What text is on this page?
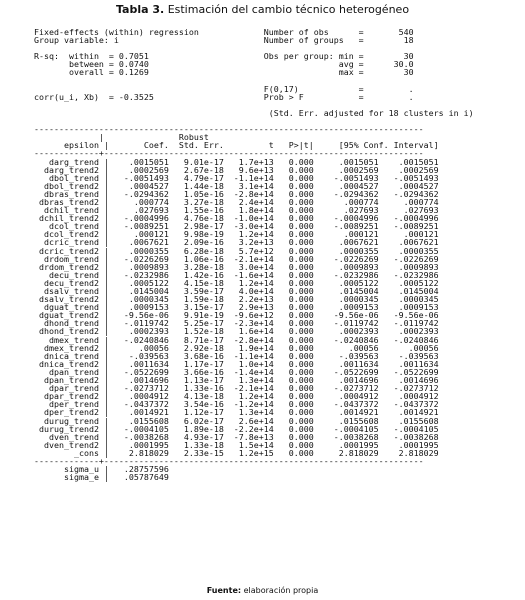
Tabla 3. Estimación del cambio técnico heterogéneo
Fixed-effects (within) regression             Number of obs      =       540
Group variable: i                             Number of groups   =        18

R-sq:  within  = 0.7051                       Obs per group: min =        30
between = 0.0740                                      avg =      30.0
overall = 0.1269                                      max =        30

F(0,17)            =         .
corr(u_i, Xb)  = -0.3525                      Prob > F           =         .

(Std. Err. adjusted for 18 clusters in i)

------------------------------------------------------------------------------
|               Robust
epsilon |       Coef.  Std. Err.         t   P>|t|     [95% Conf. Interval]
-------------+----------------------------------------------------------------
darg_trend |    .0015051   9.01e-17   1.7e+13   0.000     .0015051    .0015051
darg_trend2 |    .0002569   2.67e-18   9.6e+13   0.000     .0002569    .0002569
dbol_trend |   -.0051493   4.79e-17  -1.1e+14   0.000    -.0051493   -.0051493
dbol_trend2 |    .0004527   1.44e-18   3.1e+14   0.000     .0004527    .0004527
dbras_trend |   -.0294362   1.05e-16  -2.8e+14   0.000    -.0294362   -.0294362
dbras_trend2 |     .000774   3.27e-18   2.4e+14   0.000      .000774     .000774
dchil_trend |     .027693   1.55e-16   1.8e+14   0.000      .027693     .027693
dchil_trend2 |   -.0004996   4.76e-18  -1.0e+14   0.000    -.0004996   -.0004996
dcol_trend |   -.0089251   2.98e-17  -3.0e+14   0.000    -.0089251   -.0089251
dcol_trend2 |     .000121   9.98e-19   1.2e+14   0.000      .000121     .000121
dcric_trend |    .0067621   2.09e-16   3.2e+13   0.000     .0067621    .0067621
dcric_trend2 |    .0000355   6.28e-18   5.7e+12   0.000     .0000355    .0000355
drdom_trend |   -.0226269   1.06e-16  -2.1e+14   0.000    -.0226269   -.0226269
drdom_trend2 |    .0009893   3.28e-18   3.0e+14   0.000     .0009893    .0009893
decu_trend |   -.0232986   1.42e-16  -1.6e+14   0.000    -.0232986   -.0232986
decu_trend2 |    .0005122   4.15e-18   1.2e+14   0.000     .0005122    .0005122
dsalv_trend |    .0145004   3.59e-17   4.0e+14   0.000     .0145004    .0145004
dsalv_trend2 |    .0000345   1.59e-18   2.2e+13   0.000     .0000345    .0000345
dguat_trend |    .0009153   3.15e-17   2.9e+13   0.000     .0009153    .0009153
dguat_trend2 |   -9.56e-06   9.91e-19  -9.6e+12   0.000    -9.56e-06   -9.56e-06
dhond_trend |   -.0119742   5.25e-17  -2.3e+14   0.000    -.0119742   -.0119742
dhond_trend2 |    .0002393   1.52e-18   1.6e+14   0.000     .0002393    .0002393
dmex_trend |   -.0240846   8.71e-17  -2.8e+14   0.000    -.0240846   -.0240846
dmex_trend2 |      .00056   2.92e-18   1.9e+14   0.000       .00056      .00056
dnica_trend |    -.039563   3.68e-16  -1.1e+14   0.000     -.039563    -.039563
dnica_trend2 |    .0011634   1.17e-17   1.0e+14   0.000     .0011634    .0011634
dpan_trend |   -.0522699   3.66e-16  -1.4e+14   0.000    -.0522699   -.0522699
dpan_trend2 |    .0014696   1.13e-17   1.3e+14   0.000     .0014696    .0014696
dpar_trend |   -.0273712   1.33e-16  -2.1e+14   0.000    -.0273712   -.0273712
dpar_trend2 |    .0004912   4.13e-18   1.2e+14   0.000     .0004912    .0004912
dper_trend |   -.0437372   3.54e-16  -1.2e+14   0.000    -.0437372   -.0437372
dper_trend2 |    .0014921   1.12e-17   1.3e+14   0.000     .0014921    .0014921
durug_trend |    .0155608   6.02e-17   2.6e+14   0.000     .0155608    .0155608
durug_trend2 |   -.0004105   1.89e-18  -2.2e+14   0.000    -.0004105   -.0004105
dven_trend |   -.0038268   4.93e-17  -7.8e+13   0.000    -.0038268   -.0038268
dven_trend2 |    .0001995   1.33e-18   1.5e+14   0.000     .0001995    .0001995
_cons |    2.818029   2.33e-15   1.2e+15   0.000     2.818029    2.818029
-------------+----------------------------------------------------------------
sigma_u |   .28757596
sigma_e |   .05787649

Fuente: elaboración propia
